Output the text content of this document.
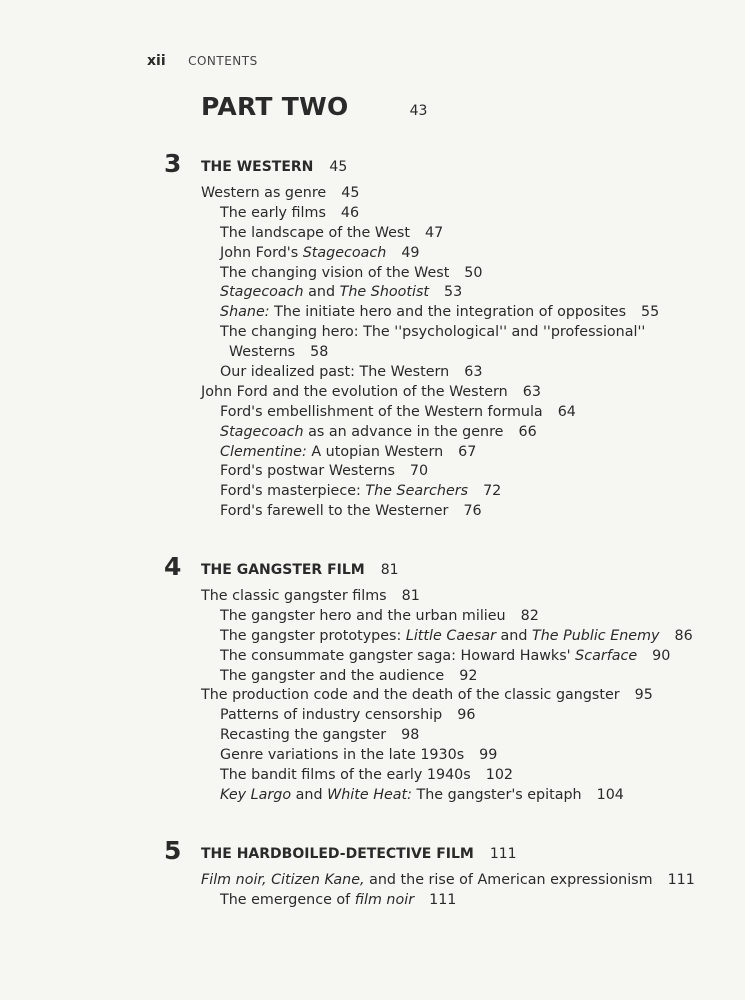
xii CONTENTS
PART TWO	43
3 THE WESTERN 45
Western as genre 45
The early films 46
The landscape of the West 47
John Ford's Stagecoach 49
The changing vision of the West 50
Stagecoach and The Shootist 53
Shane: The initiate hero and the integration of opposites 55
The changing hero: The ''psychological'' and ''professional''
Westerns 58
Our idealized past: The Western 63
John Ford and the evolution of the Western 63
Ford's embellishment of the Western formula 64
Stagecoach as an advance in the genre 66
Clementine: A utopian Western 67
Ford's postwar Westerns 70
Ford's masterpiece: The Searchers 72
Ford's farewell to the Westerner 76
4 THE GANGSTER FILM 81
The classic gangster films 81
The gangster hero and the urban milieu 82
The gangster prototypes: Little Caesar and The Public Enemy 86
The consummate gangster saga: Howard Hawks' Scarface 90
The gangster and the audience 92
The production code and the death of the classic gangster 95
Patterns of industry censorship 96
Recasting the gangster 98
Genre variations in the late 1930s 99
The bandit films of the early 1940s 102
Key Largo and White Heat: The gangster's epitaph 104
5 THE HARDBOILED-DETECTIVE FILM 111
Film noir, Citizen Kane, and the rise of American expressionism 111
The emergence of film noir 111
